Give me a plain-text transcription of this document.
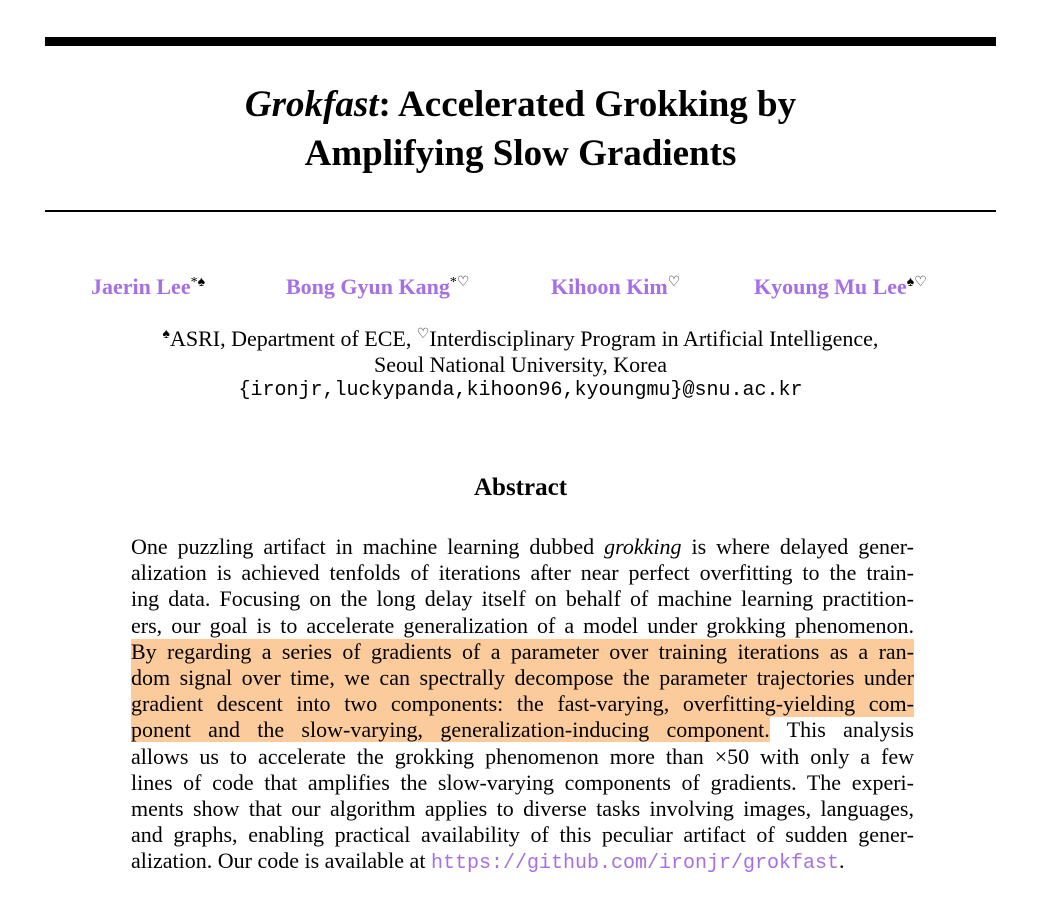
Grokfast: Accelerated Grokking by
Amplifying Slow Gradients
Jaerin Lee*♠	Bong Gyun Kang*♡	Kihoon Kim♡	Kyoung Mu Lee♠♡
♠ASRI, Department of ECE, ♡Interdisciplinary Program in Artificial Intelligence,
Seoul National University, Korea
{ironjr,luckypanda,kihoon96,kyoungmu}@snu.ac.kr
Abstract
One puzzling artifact in machine learning dubbed grokking is where delayed gener-
alization is achieved tenfolds of iterations after near perfect overfitting to the train-
ing data. Focusing on the long delay itself on behalf of machine learning practition-
ers, our goal is to accelerate generalization of a model under grokking phenomenon.
By regarding a series of gradients of a parameter over training iterations as a ran-
dom signal over time, we can spectrally decompose the parameter trajectories under
gradient descent into two components: the fast-varying, overfitting-yielding com-
ponent and the slow-varying, generalization-inducing component. This analysis
allows us to accelerate the grokking phenomenon more than ×50 with only a few
lines of code that amplifies the slow-varying components of gradients. The experi-
ments show that our algorithm applies to diverse tasks involving images, languages,
and graphs, enabling practical availability of this peculiar artifact of sudden gener-
alization. Our code is available at https://github.com/ironjr/grokfast.
